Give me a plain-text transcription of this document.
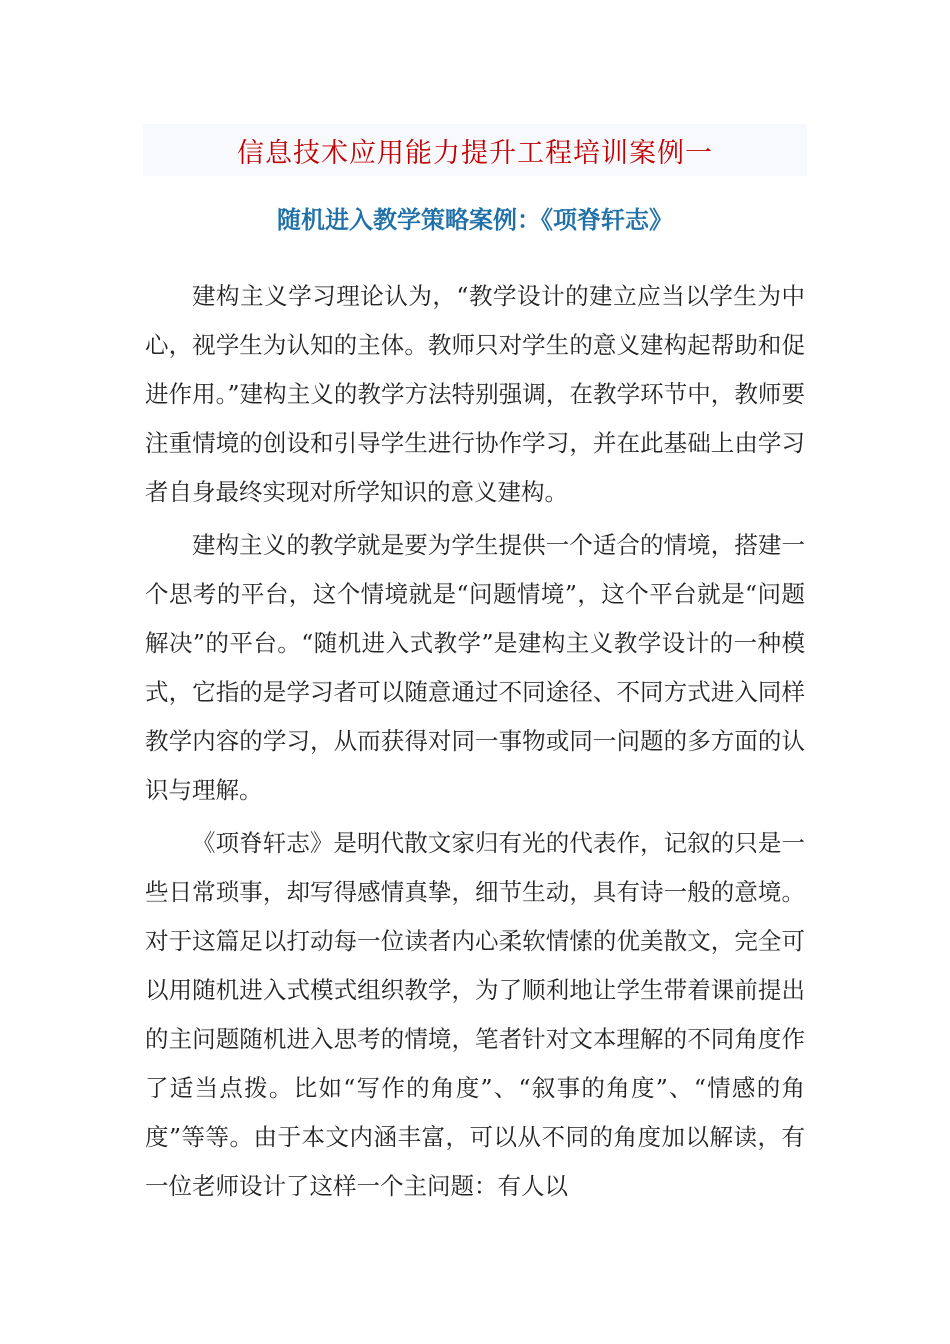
信息技术应用能力提升工程培训案例一
随机进入教学策略案例：《项脊轩志》

建构主义学习理论认为，“教学设计的建立应当以学生为中心，视学生为认知的主体。教师只对学生的意义建构起帮助和促进作用。”建构主义的教学方法特别强调，在教学环节中，教师要注重情境的创设和引导学生进行协作学习，并在此基础上由学习者自身最终实现对所学知识的意义建构。

建构主义的教学就是要为学生提供一个适合的情境，搭建一个思考的平台，这个情境就是“问题情境”，这个平台就是“问题解决”的平台。“随机进入式教学”是建构主义教学设计的一种模式，它指的是学习者可以随意通过不同途径、不同方式进入同样教学内容的学习，从而获得对同一事物或同一问题的多方面的认识与理解。

《项脊轩志》是明代散文家归有光的代表作，记叙的只是一些日常琐事，却写得感情真挚，细节生动，具有诗一般的意境。对于这篇足以打动每一位读者内心柔软情愫的优美散文，完全可以用随机进入式模式组织教学，为了顺利地让学生带着课前提出的主问题随机进入思考的情境，笔者针对文本理解的不同角度作了适当点拨。比如“写作的角度”、“叙事的角度”、“情感的角度”等等。由于本文内涵丰富，可以从不同的角度加以解读，有一位老师设计了这样一个主问题：有人以
